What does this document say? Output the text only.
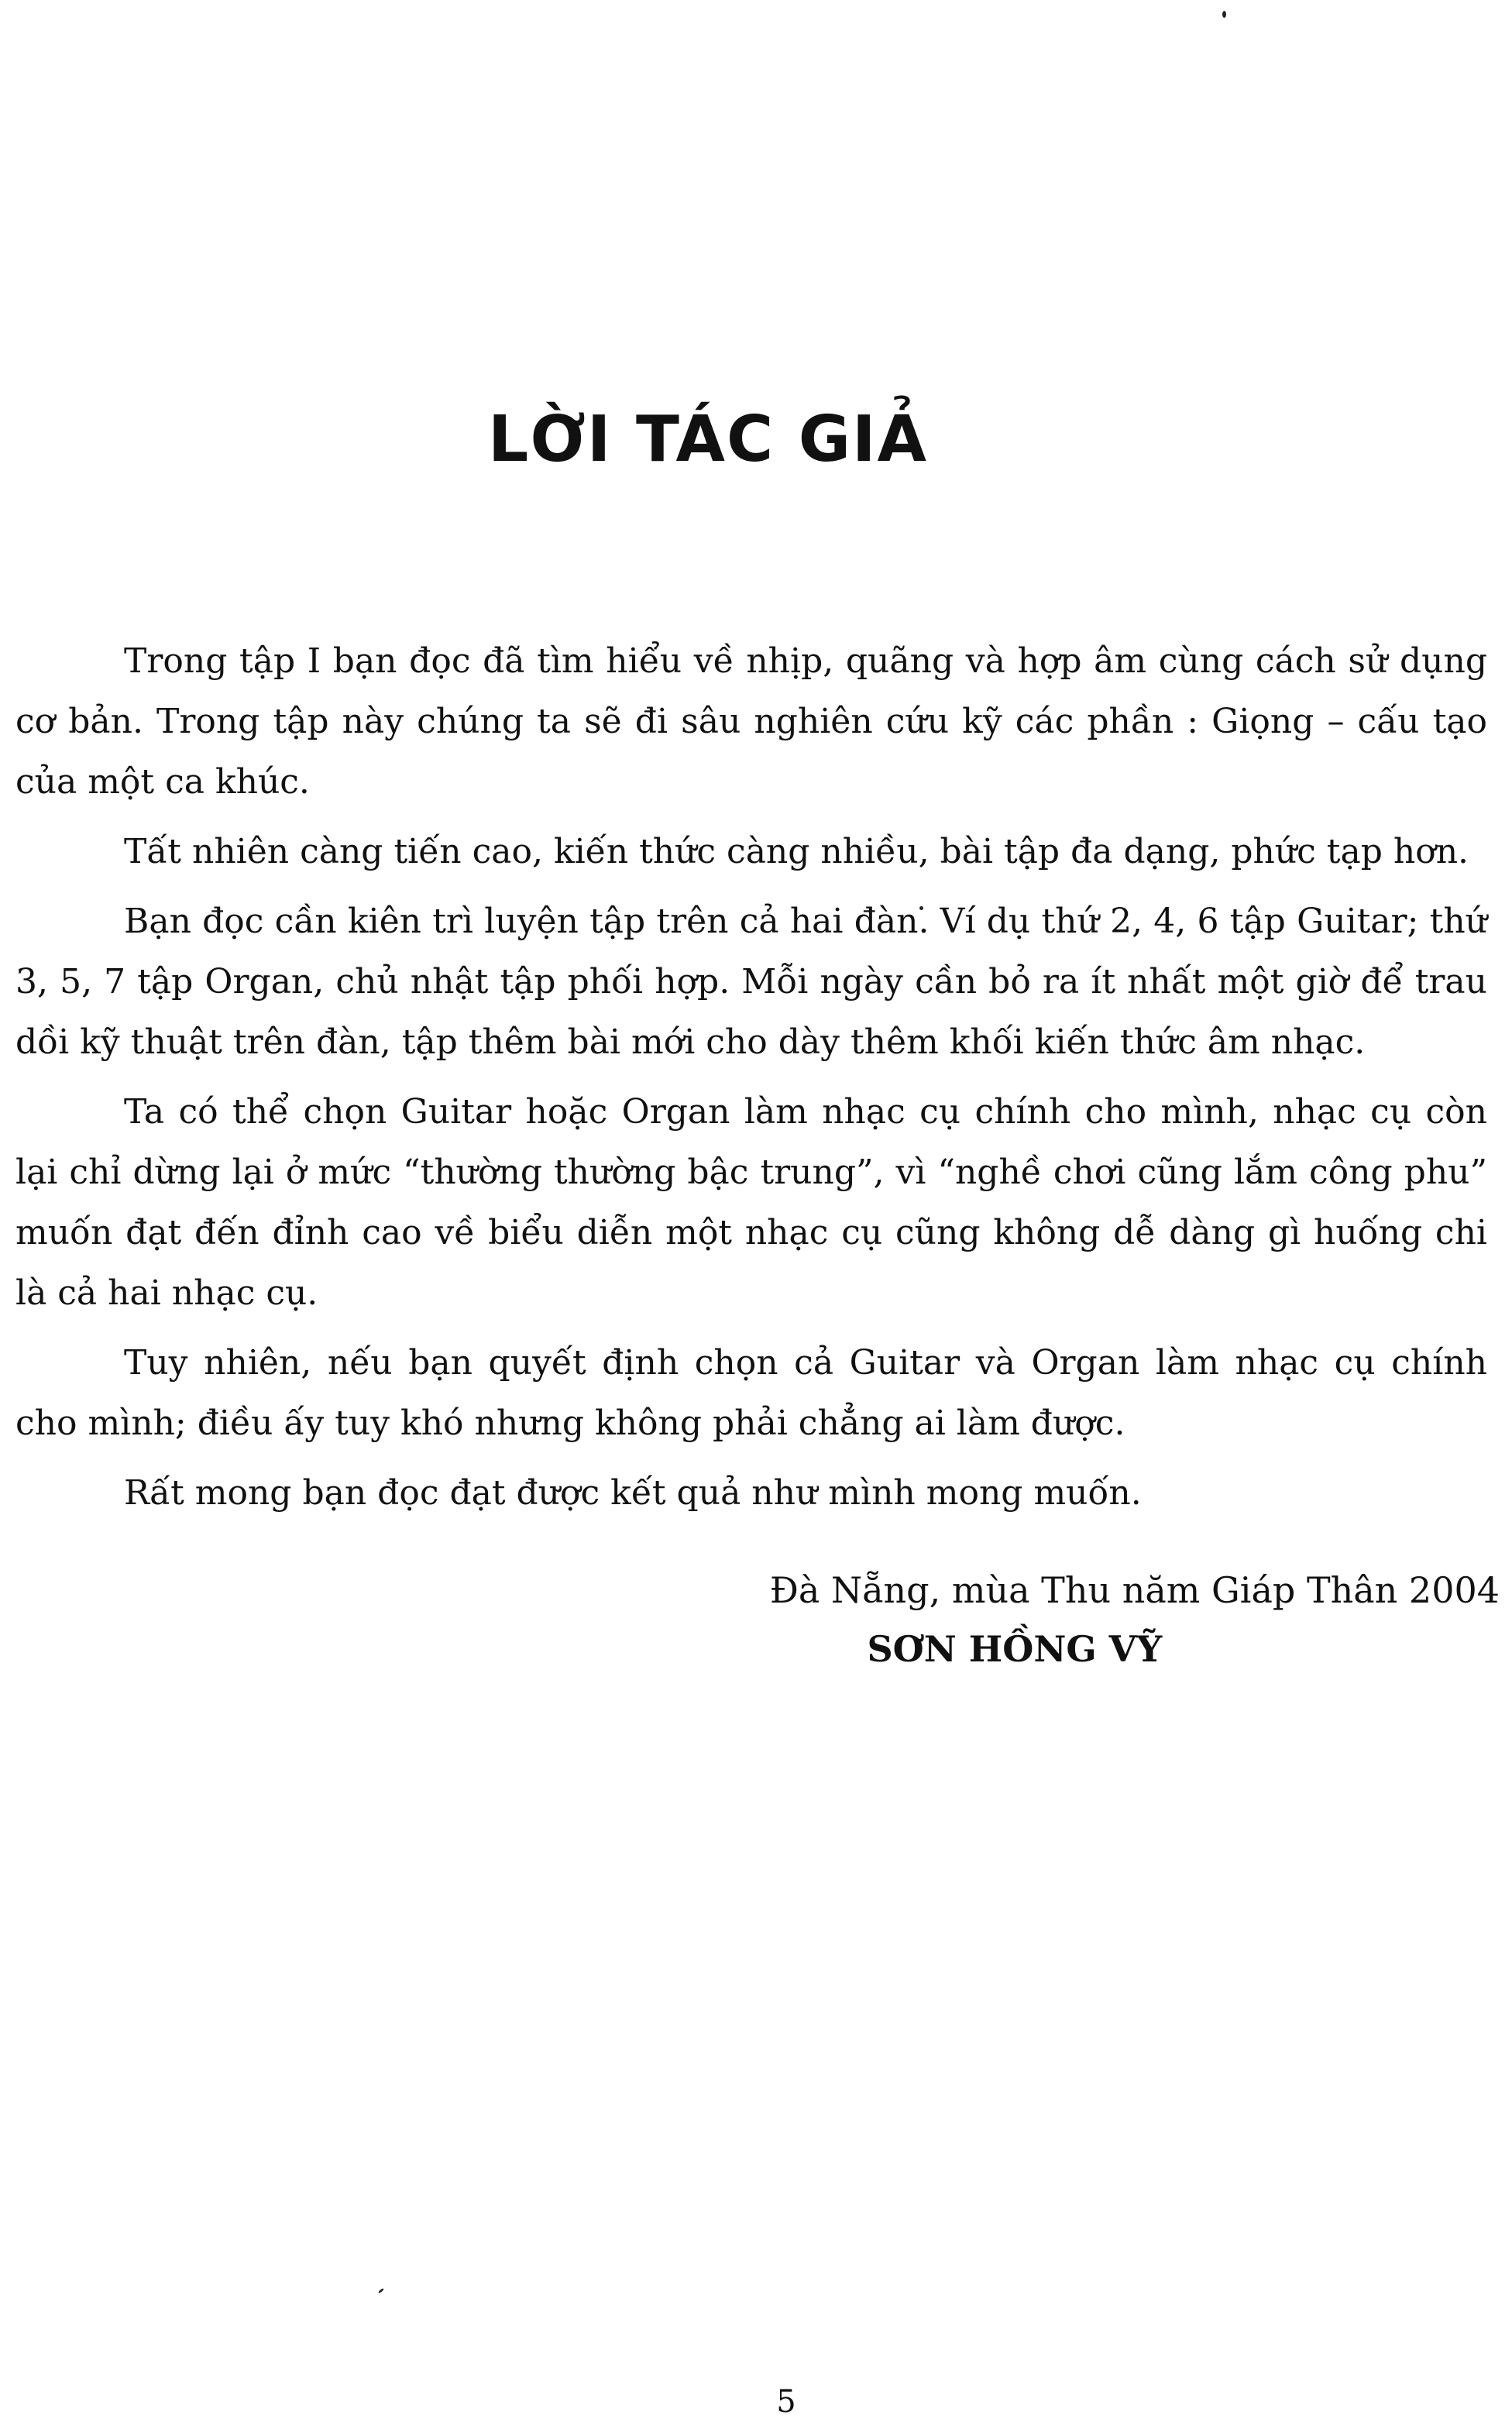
LỜI TÁC GIẢ

Trong tập I bạn đọc đã tìm hiểu về nhịp, quãng và hợp âm cùng cách sử dụng cơ bản. Trong tập này chúng ta sẽ đi sâu nghiên cứu kỹ các phần : Giọng – cấu tạo của một ca khúc.

Tất nhiên càng tiến cao, kiến thức càng nhiều, bài tập đa dạng, phức tạp hơn.

Bạn đọc cần kiên trì luyện tập trên cả hai đàn. Ví dụ thứ 2, 4, 6 tập Guitar; thứ 3, 5, 7 tập Organ, chủ nhật tập phối hợp. Mỗi ngày cần bỏ ra ít nhất một giờ để trau dồi kỹ thuật trên đàn, tập thêm bài mới cho dày thêm khối kiến thức âm nhạc.

Ta có thể chọn Guitar hoặc Organ làm nhạc cụ chính cho mình, nhạc cụ còn lại chỉ dừng lại ở mức “thường thường bậc trung”, vì “nghề chơi cũng lắm công phu” muốn đạt đến đỉnh cao về biểu diễn một nhạc cụ cũng không dễ dàng gì huống chi là cả hai nhạc cụ.

Tuy nhiên, nếu bạn quyết định chọn cả Guitar và Organ làm nhạc cụ chính cho mình; điều ấy tuy khó nhưng không phải chẳng ai làm được.

Rất mong bạn đọc đạt được kết quả như mình mong muốn.

Đà Nẵng, mùa Thu năm Giáp Thân 2004
SƠN HỒNG VỸ
5
